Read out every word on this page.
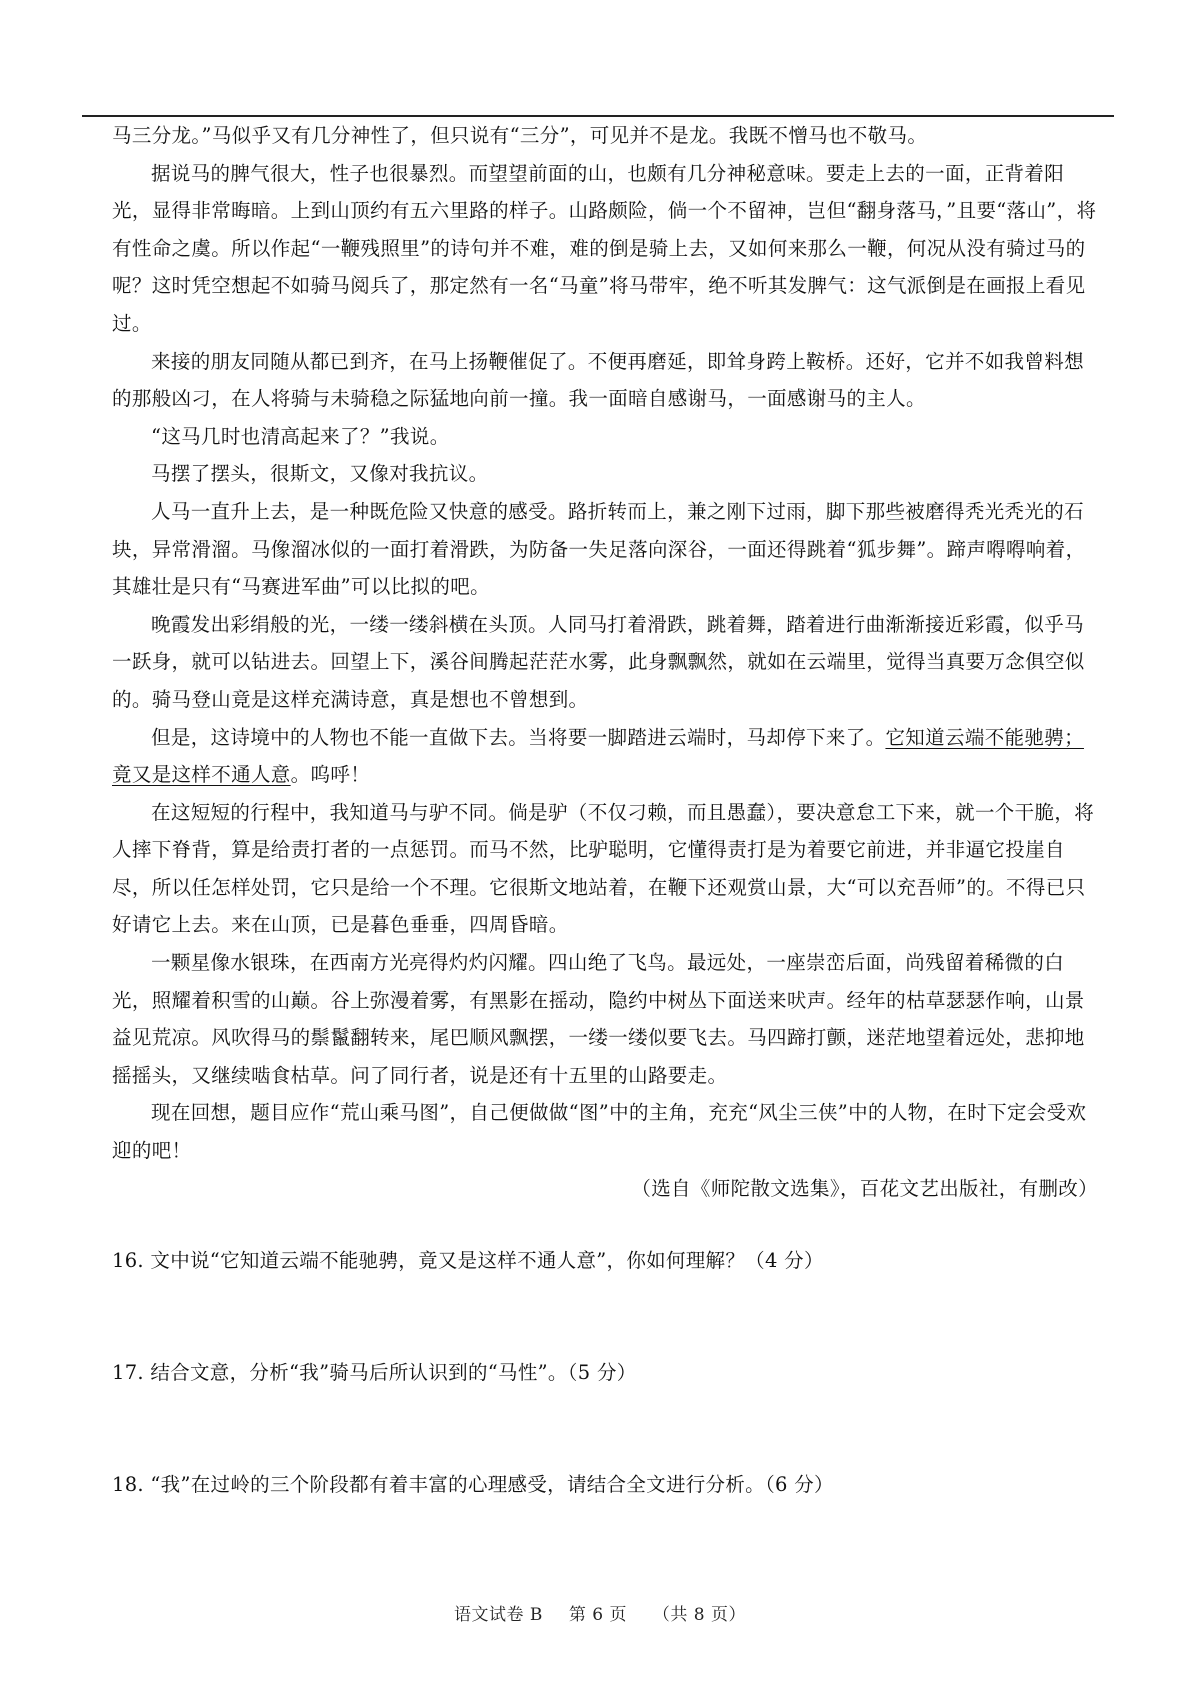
马三分龙。”马似乎又有几分神性了，但只说有“三分”，可见并不是龙。我既不憎马也不敬马。

据说马的脾气很大，性子也很暴烈。而望望前面的山，也颇有几分神秘意味。要走上去的一面，正背着阳光，显得非常晦暗。上到山顶约有五六里路的样子。山路颇险，倘一个不留神，岂但“翻身落马，”且要“落山”，将有性命之虞。所以作起“一鞭残照里”的诗句并不难，难的倒是骑上去，又如何来那么一鞭，何况从没有骑过马的呢？这时凭空想起不如骑马阅兵了，那定然有一名“马童”将马带牢，绝不听其发脾气：这气派倒是在画报上看见过。

来接的朋友同随从都已到齐，在马上扬鞭催促了。不便再磨延，即耸身跨上鞍桥。还好，它并不如我曾料想的那般凶刁，在人将骑与未骑稳之际猛地向前一撞。我一面暗自感谢马，一面感谢马的主人。

“这马几时也清高起来了？”我说。

马摆了摆头，很斯文，又像对我抗议。

人马一直升上去，是一种既危险又快意的感受。路折转而上，兼之刚下过雨，脚下那些被磨得秃光秃光的石块，异常滑溜。马像溜冰似的一面打着滑跌，为防备一失足落向深谷，一面还得跳着“狐步舞”。蹄声嘚嘚响着，其雄壮是只有“马赛进军曲”可以比拟的吧。

晚霞发出彩绢般的光，一缕一缕斜横在头顶。人同马打着滑跌，跳着舞，踏着进行曲渐渐接近彩霞，似乎马一跃身，就可以钻进去。回望上下，溪谷间腾起茫茫水雾，此身飘飘然，就如在云端里，觉得当真要万念俱空似的。骑马登山竟是这样充满诗意，真是想也不曾想到。

但是，这诗境中的人物也不能一直做下去。当将要一脚踏进云端时，马却停下来了。它知道云端不能驰骋；竟又是这样不通人意。呜呼！

在这短短的行程中，我知道马与驴不同。倘是驴（不仅刁赖，而且愚蠢），要决意怠工下来，就一个干脆，将人摔下脊背，算是给责打者的一点惩罚。而马不然，比驴聪明，它懂得责打是为着要它前进，并非逼它投崖自尽，所以任怎样处罚，它只是给一个不理。它很斯文地站着，在鞭下还观赏山景，大“可以充吾师”的。不得已只好请它上去。来在山顶，已是暮色垂垂，四周昏暗。

一颗星像水银珠，在西南方光亮得灼灼闪耀。四山绝了飞鸟。最远处，一座崇峦后面，尚残留着稀微的白光，照耀着积雪的山巅。谷上弥漫着雾，有黑影在摇动，隐约中树丛下面送来吠声。经年的枯草瑟瑟作响，山景益见荒凉。风吹得马的鬃鬣翻转来，尾巴顺风飘摆，一缕一缕似要飞去。马四蹄打颤，迷茫地望着远处，悲抑地摇摇头，又继续啮食枯草。问了同行者，说是还有十五里的山路要走。

现在回想，题目应作“荒山乘马图”，自己便做做“图”中的主角，充充“风尘三侠”中的人物，在时下定会受欢迎的吧！

（选自《师陀散文选集》，百花文艺出版社，有删改）

16. 文中说“它知道云端不能驰骋，竟又是这样不通人意”，你如何理解？（4 分）

17. 结合文意，分析“我”骑马后所认识到的“马性”。（5 分）

18. “我”在过岭的三个阶段都有着丰富的心理感受，请结合全文进行分析。（6 分）

语文试卷 B 第 6 页 （共 8 页）
